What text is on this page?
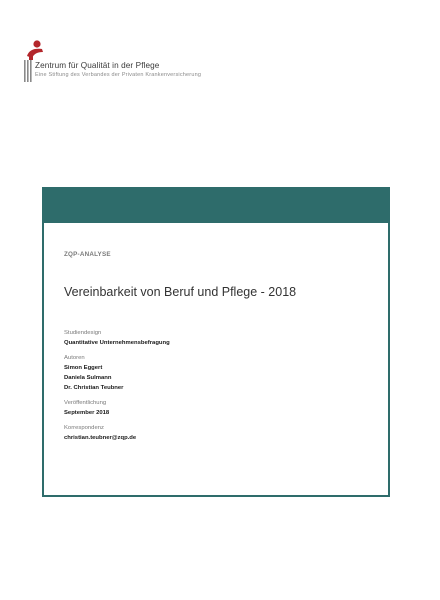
Zentrum für Qualität in der Pflege
Eine Stiftung des Verbandes der Privaten Krankenversicherung
ZQP-ANALYSE
Vereinbarkeit von Beruf und Pflege - 2018
Studiendesign
Quantitative Unternehmensbefragung
Autoren
Simon Eggert
Daniela Sulmann
Dr. Christian Teubner
Veröffentlichung
September 2018
Korrespondenz
christian.teubner@zqp.de
